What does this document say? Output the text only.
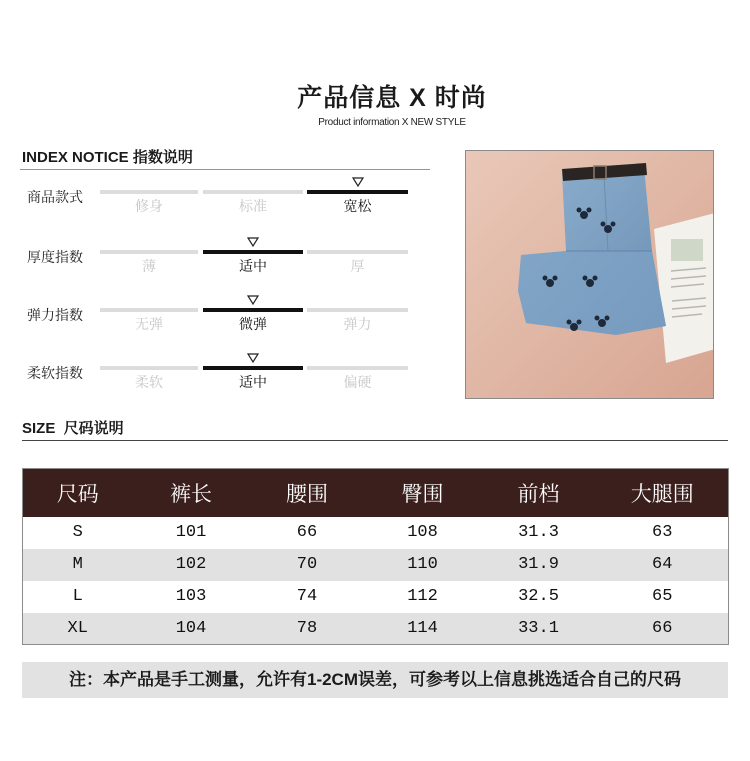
产品信息 X 时尚
Product information X NEW STYLE
INDEX NOTICE 指数说明
商品款式
修身	标准	宽松
厚度指数
薄	适中	厚
弹力指数
无弹	微弹	弹力
柔软指数
柔软	适中	偏硬
SIZE  尺码说明
尺码	裤长	腰围	臀围	前档	大腿围
S	101	66	108	31.3	63
M	102	70	110	31.9	64
L	103	74	112	32.5	65
XL	104	78	114	33.1	66
注：本产品是手工测量，允许有1-2CM误差，可参考以上信息挑选适合自己的尺码
